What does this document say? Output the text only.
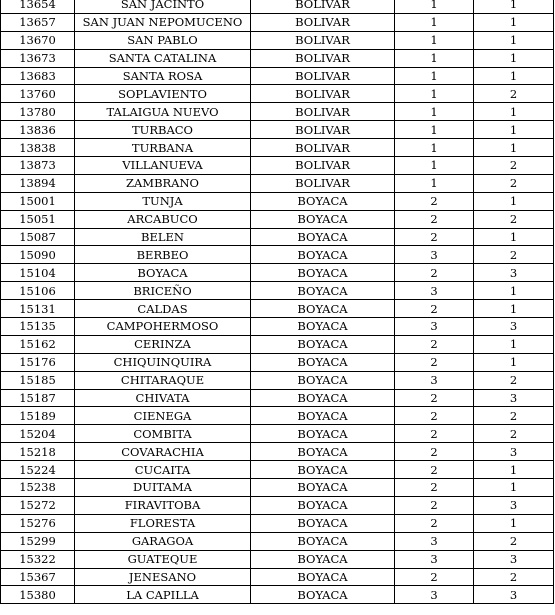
13654	SAN JACINTO	BOLIVAR	1	1
13657	SAN JUAN NEPOMUCENO	BOLIVAR	1	1
13670	SAN PABLO	BOLIVAR	1	1
13673	SANTA CATALINA	BOLIVAR	1	1
13683	SANTA ROSA	BOLIVAR	1	1
13760	SOPLAVIENTO	BOLIVAR	1	2
13780	TALAIGUA NUEVO	BOLIVAR	1	1
13836	TURBACO	BOLIVAR	1	1
13838	TURBANA	BOLIVAR	1	1
13873	VILLANUEVA	BOLIVAR	1	2
13894	ZAMBRANO	BOLIVAR	1	2
15001	TUNJA	BOYACA	2	1
15051	ARCABUCO	BOYACA	2	2
15087	BELEN	BOYACA	2	1
15090	BERBEO	BOYACA	3	2
15104	BOYACA	BOYACA	2	3
15106	BRICEÑO	BOYACA	3	1
15131	CALDAS	BOYACA	2	1
15135	CAMPOHERMOSO	BOYACA	3	3
15162	CERINZA	BOYACA	2	1
15176	CHIQUINQUIRA	BOYACA	2	1
15185	CHITARAQUE	BOYACA	3	2
15187	CHIVATA	BOYACA	2	3
15189	CIENEGA	BOYACA	2	2
15204	COMBITA	BOYACA	2	2
15218	COVARACHIA	BOYACA	2	3
15224	CUCAITA	BOYACA	2	1
15238	DUITAMA	BOYACA	2	1
15272	FIRAVITOBA	BOYACA	2	3
15276	FLORESTA	BOYACA	2	1
15299	GARAGOA	BOYACA	3	2
15322	GUATEQUE	BOYACA	3	3
15367	JENESANO	BOYACA	2	2
15380	LA CAPILLA	BOYACA	3	3
